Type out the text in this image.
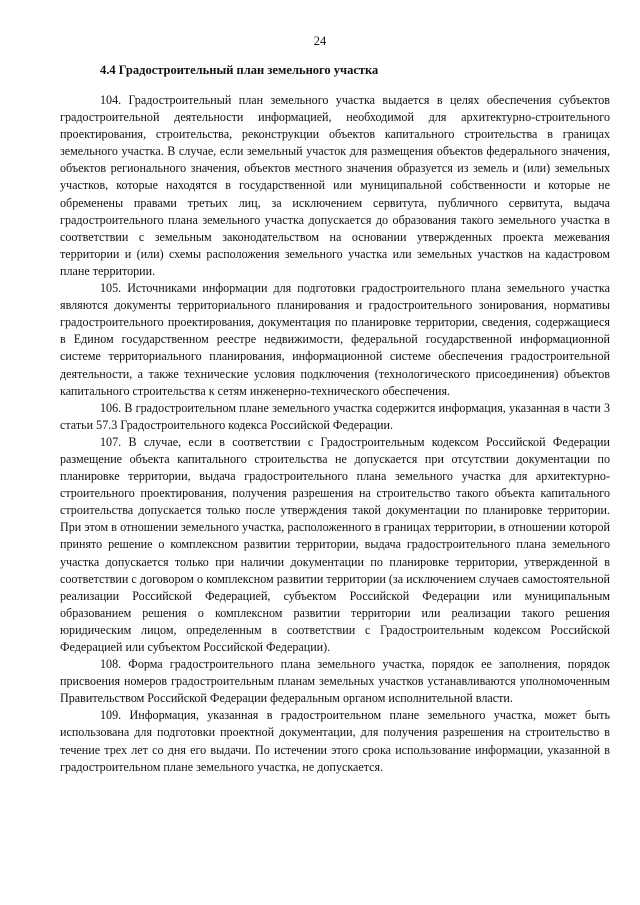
24
4.4 Градостроительный план земельного участка

104. Градостроительный план земельного участка выдается в целях обеспечения субъектов градостроительной деятельности информацией, необходимой для архитектурно-строительного проектирования, строительства, реконструкции объектов капитального строительства в границах земельного участка. В случае, если земельный участок для размещения объектов федерального значения, объектов регионального значения, объектов местного значения образуется из земель и (или) земельных участков, которые находятся в государственной или муниципальной собственности и которые не обременены правами третьих лиц, за исключением сервитута, публичного сервитута, выдача градостроительного плана земельного участка допускается до образования такого земельного участка в соответствии с земельным законодательством на основании утвержденных проекта межевания территории и (или) схемы расположения земельного участка или земельных участков на кадастровом плане территории.

105. Источниками информации для подготовки градостроительного плана земельного участка являются документы территориального планирования и градостроительного зонирования, нормативы градостроительного проектирования, документация по планировке территории, сведения, содержащиеся в Едином государственном реестре недвижимости, федеральной государственной информационной системе территориального планирования, информационной системе обеспечения градостроительной деятельности, а также технические условия подключения (технологического присоединения) объектов капитального строительства к сетям инженерно-технического обеспечения.

106. В градостроительном плане земельного участка содержится информация, указанная в части 3 статьи 57.3 Градостроительного кодекса Российской Федерации.

107. В случае, если в соответствии с Градостроительным кодексом Российской Федерации размещение объекта капитального строительства не допускается при отсутствии документации по планировке территории, выдача градостроительного плана земельного участка для архитектурно-строительного проектирования, получения разрешения на строительство такого объекта капитального строительства допускается только после утверждения такой документации по планировке территории. При этом в отношении земельного участка, расположенного в границах территории, в отношении которой принято решение о комплексном развитии территории, выдача градостроительного плана земельного участка допускается только при наличии документации по планировке территории, утвержденной в соответствии с договором о комплексном развитии территории (за исключением случаев самостоятельной реализации Российской Федерацией, субъектом Российской Федерации или муниципальным образованием решения о комплексном развитии территории или реализации такого решения юридическим лицом, определенным в соответствии с Градостроительным кодексом Российской Федерацией или субъектом Российской Федерации).

108. Форма градостроительного плана земельного участка, порядок ее заполнения, порядок присвоения номеров градостроительным планам земельных участков устанавливаются уполномоченным Правительством Российской Федерации федеральным органом исполнительной власти.

109. Информация, указанная в градостроительном плане земельного участка, может быть использована для подготовки проектной документации, для получения разрешения на строительство в течение трех лет со дня его выдачи. По истечении этого срока использование информации, указанной в градостроительном плане земельного участка, не допускается.
